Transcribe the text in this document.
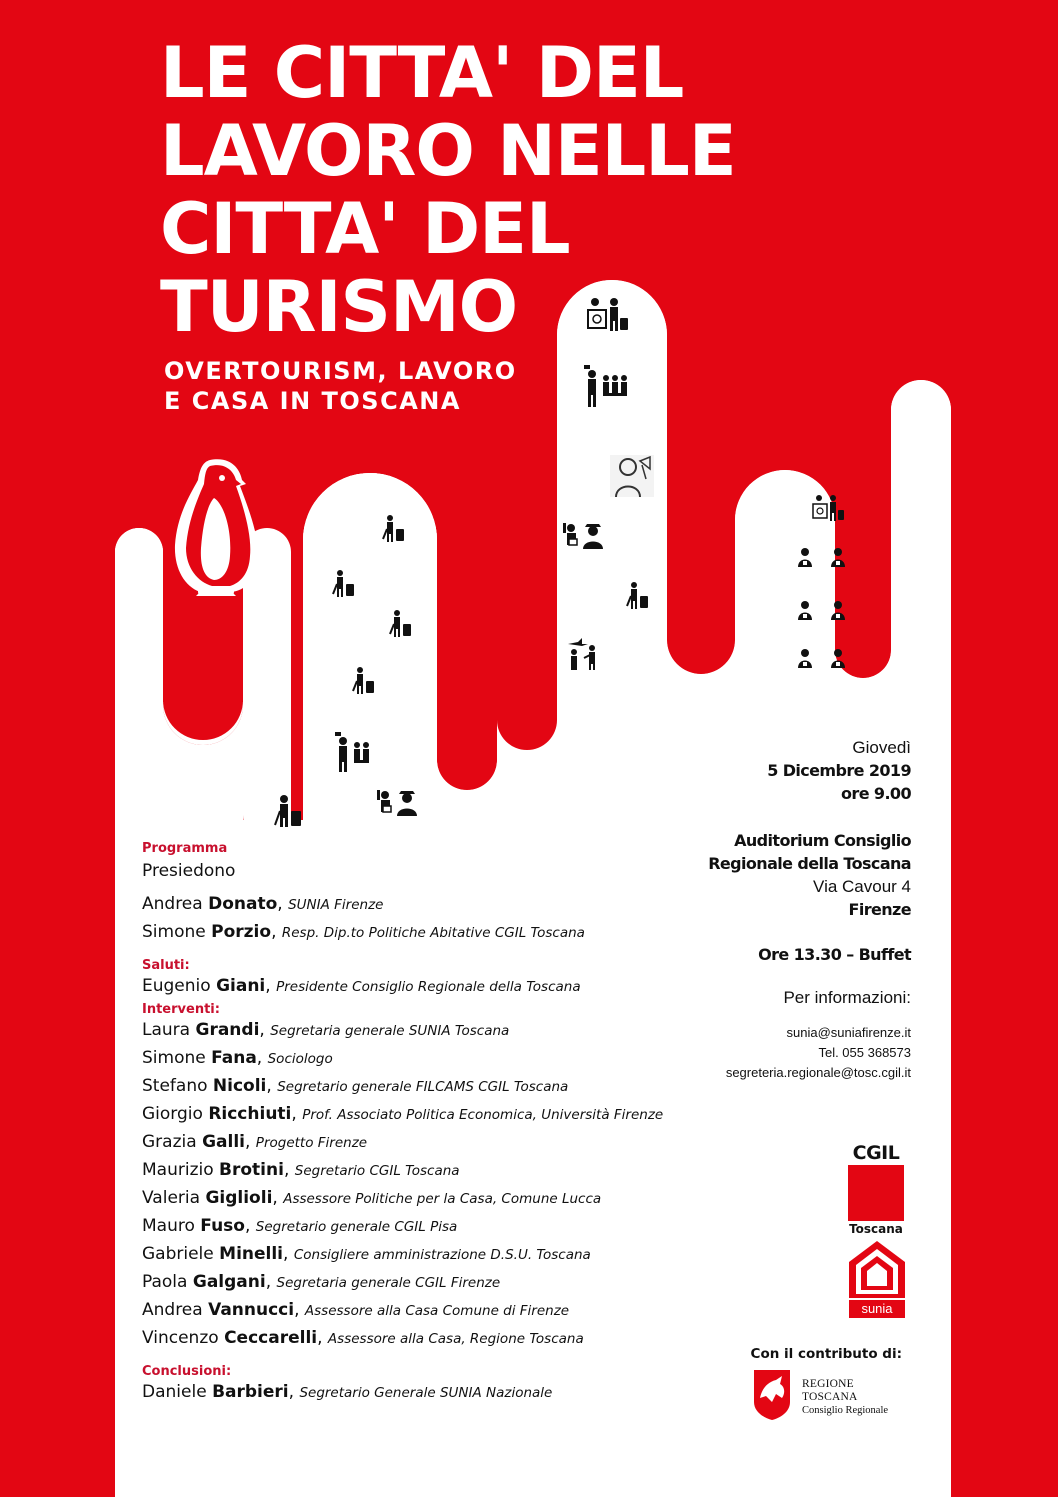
LE CITTA' DEL
LAVORO NELLE
CITTA' DEL
TURISMO
OVERTOURISM, LAVORO
E CASA IN TOSCANA
Programma
Presiedono
Andrea Donato, SUNIA Firenze
Simone Porzio, Resp. Dip.to Politiche Abitative CGIL Toscana
Saluti:
Eugenio Giani, Presidente Consiglio Regionale della Toscana
Interventi:
Laura Grandi, Segretaria generale SUNIA Toscana
Simone Fana, Sociologo
Stefano Nicoli, Segretario generale FILCAMS CGIL Toscana
Giorgio Ricchiuti, Prof. Associato Politica Economica, Università Firenze
Grazia Galli, Progetto Firenze
Maurizio Brotini, Segretario CGIL Toscana
Valeria Giglioli, Assessore Politiche per la Casa, Comune Lucca
Mauro Fuso, Segretario generale CGIL Pisa
Gabriele Minelli, Consigliere amministrazione D.S.U. Toscana
Paola Galgani, Segretaria generale CGIL Firenze
Andrea Vannucci, Assessore alla Casa Comune di Firenze
Vincenzo Ceccarelli, Assessore alla Casa, Regione Toscana
Conclusioni:
Daniele Barbieri, Segretario Generale SUNIA Nazionale
Giovedì
5 Dicembre 2019
ore 9.00
Auditorium Consiglio
Regionale della Toscana
Via Cavour 4
Firenze
Ore 13.30 – Buffet
Per informazioni:
sunia@suniafirenze.it
Tel. 055 368573
segreteria.regionale@tosc.cgil.it
CGIL
Toscana
sunia
Con il contributo di:
REGIONE TOSCANA
Consiglio Regionale
